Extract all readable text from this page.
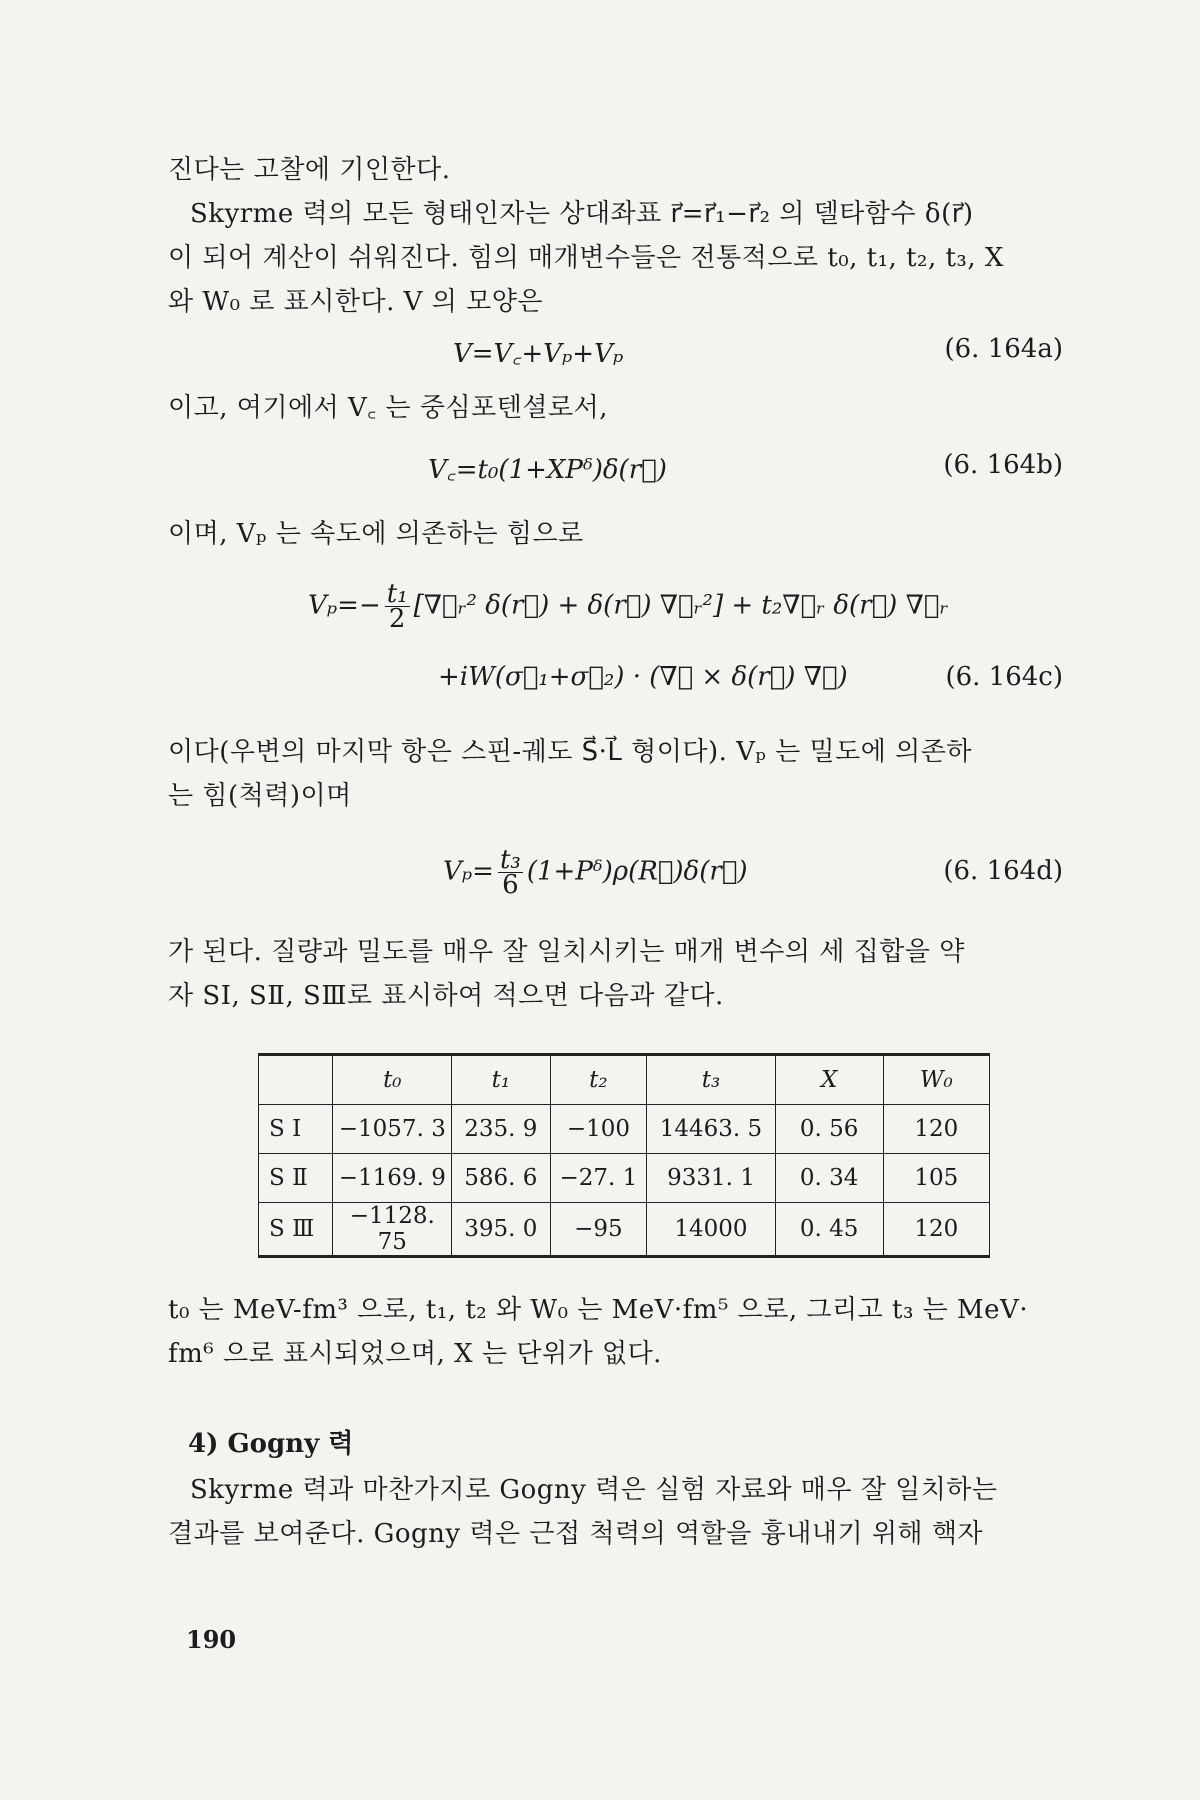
진다는 고찰에 기인한다.

Skyrme 력의 모든 형태인자는 상대좌표 r⃗=r⃗₁−r⃗₂ 의 델타함수 δ(r⃗)
이 되어 계산이 쉬워진다. 힘의 매개변수들은 전통적으로 t₀, t₁, t₂, t₃, X
와 W₀ 로 표시한다. V 의 모양은

V=V꜀+Vₚ+Vₚ	(6. 164a)

이고, 여기에서 V꜀ 는 중심포텐셜로서,

V꜀=t₀(1+XPᵟ)δ(r⃗)	(6. 164b)

이며, Vₚ 는 속도에 의존하는 힘으로

$V_p=- \frac{\text{t₁}}{2}$ [∇⃗ᵣ² δ(r⃗) + δ(r⃗) ∇⃗ᵣ²] + t₂∇⃗ᵣ δ(r⃗) ∇⃗ᵣ
+iW(σ⃗₁+σ⃗₂) · (∇⃗ × δ(r⃗) ∇⃗)	(6. 164c)

이다(우변의 마지막 항은 스핀-궤도 S⃗·L⃗ 형이다). Vₚ 는 밀도에 의존하
는 힘(척력)이며

$V_p= \frac{\text{t₃}}{6}$ (1+Pᵟ)ρ(R⃗)δ(r⃗)	(6. 164d)

가 된다. 질량과 밀도를 매우 잘 일치시키는 매개 변수의 세 집합을 약
자 SⅠ, SⅡ, SⅢ로 표시하여 적으면 다음과 같다.

	t₀	t₁	t₂	t₃	X	W₀
S Ⅰ	−1057. 3	235. 9	−100	14463. 5	0. 56	120
S Ⅱ	−1169. 9	586. 6	−27. 1	9331. 1	0. 34	105
S Ⅲ	−1128. 75	395. 0	−95	14000	0. 45	120

t₀ 는 MeV-fm³ 으로, t₁, t₂ 와 W₀ 는 MeV·fm⁵ 으로, 그리고 t₃ 는 MeV·
fm⁶ 으로 표시되었으며, X 는 단위가 없다.

4) Gogny 력

Skyrme 력과 마찬가지로 Gogny 력은 실험 자료와 매우 잘 일치하는
결과를 보여준다. Gogny 력은 근접 척력의 역할을 흉내내기 위해 핵자

190
